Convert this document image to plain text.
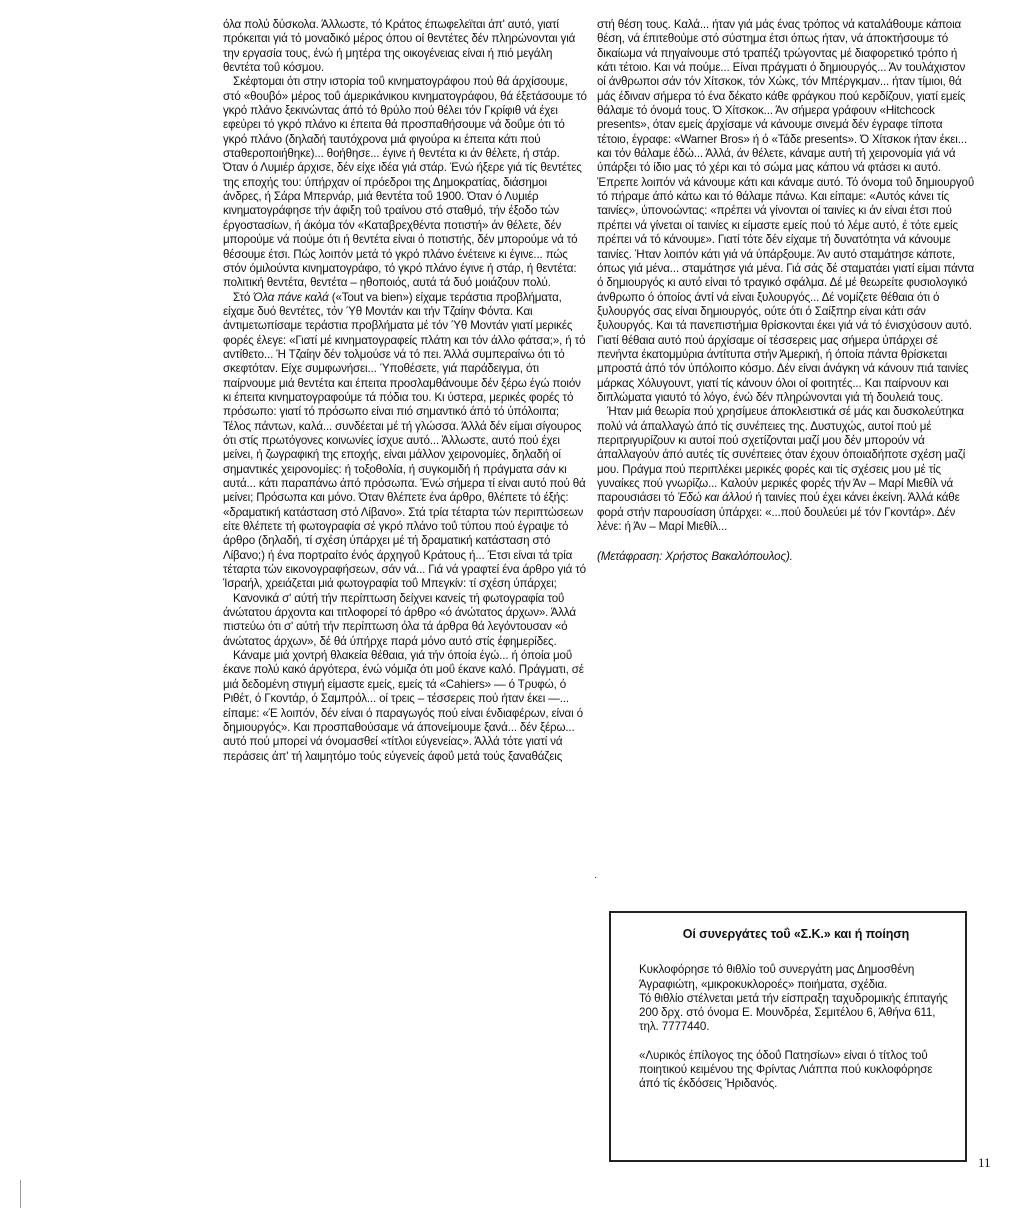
όλα πολύ δύσκολα. Άλλωστε, τό Κράτος έπωφελεϊται άπ' αυτό, γιατί πρόκειται γιά τό μοναδικό μέρος όπου οί θεντέτες δέν πληρώνονται γιά την εργασία τους, ένώ ή μητέρα της οικογένειας είναι ή πιό μεγάλη θεντέτα τοΰ κόσμου.

Σκέφτομαι ότι στην ιστορία τοΰ κινηματογράφου πού θά άρχίσουμε, στό «θουβό» μέρος τοΰ άμερικάνικου κινηματογράφου, θά έξετάσουμε τό γκρό πλάνο ξεκινώντας άπό τό θρύλο πού θέλει τόν Γκρίφιθ νά έχει εφεύρει τό γκρό πλάνο κι έπειτα θά προσπαθήσουμε νά δοΰμε ότι τό γκρό πλάνο (δηλαδή ταυτόχρονα μιά φιγούρα κι έπειτα κάτι πού σταθεροποιήθηκε)... θοήθησε... έγινε ή θεντέτα κι άν θέλετε, ή στάρ. Όταν ό Λυμιέρ άρχισε, δέν είχε ιδέα γιά στάρ. Ένώ ήξερε γιά τίς θεντέτες της εποχής του: ύπήρχαν οί πρόεδροι της Δημοκρατίας, διάσημοι άνδρες, ή Σάρα Μπερνάρ, μιά θεντέτα τοΰ 1900. Όταν ό Λυμιέρ κινηματογράφησε τήν άφιξη τοΰ τραίνου στό σταθμό, τήν έξοδο τών έργοστασίων, ή άκόμα τόν «Καταβρεχθέντα ποτιστή» άν θέλετε, δέν μπορούμε νά πούμε ότι ή θεντέτα είναι ό ποτιστής, δέν μπορούμε νά τό θέσουμε έτσι. Πώς λοιπόν μετά τό γκρό πλάνο ένέτεινε κι έγινε... πώς στόν όμιλούντα κινηματογράφο, τό γκρό πλάνο έγινε ή στάρ, ή θεντέτα: πολιτική θεντέτα, θεντέτα – ηθοποιός, αυτά τά δυό μοιάζουν πολύ.

Στό Όλα πάνε καλά («Tout va bien») είχαμε τεράστια προβλήματα, είχαμε δυό θεντέτες, τόν Ύθ Μοντάν και τήν Τζαίην Φόντα. Και άντιμετωπίσαμε τεράστια προβλήματα μέ τόν Ύθ Μοντάν γιατί μερικές φορές έλεγε: «Γιατί μέ κινηματογραφείς πλάτη και τόν άλλο φάτσα;», ή τό αντίθετο... Ή Τζαίην δέν τολμούσε νά τό πει. Άλλά συμπεραίνω ότι τό σκεφτόταν. Είχε συμφωνήσει... Ύποθέσετε, γιά παράδειγμα, ότι παίρνουμε μιά θεντέτα και έπειτα προσλαμθάνουμε δέν ξέρω έγώ ποιόν κι έπειτα κινηματογραφούμε τά πόδια του. Κι ύστερα, μερικές φορές τό πρόσωπο: γιατί τό πρόσωπο είναι πιό σημαντικό άπό τό ύπόλοιπα; Τέλος πάντων, καλά... συνδέεται μέ τή γλώσσα. Άλλά δέν είμαι σίγουρος ότι στίς πρωτόγονες κοινωνίες ίσχυε αυτό... Άλλωστε, αυτό πού έχει μείνει, ή ζωγραφική της εποχής, είναι μάλλον χειρονομίες, δηλαδή οί σημαντικές χειρονομίες: ή τοξοθολία, ή συγκομιδή ή πράγματα σάν κι αυτά... κάτι παραπάνω άπό πρόσωπα. Ένώ σήμερα τί είναι αυτό πού θά μείνει; Πρόσωπα και μόνο. Όταν θλέπετε ένα άρθρο, θλέπετε τό έξής: «δραματική κατάσταση στό Λίβανο». Στά τρία τέταρτα τών περιπτώσεων είτε θλέπετε τή φωτογραφία σέ γκρό πλάνο τοΰ τύπου πού έγραψε τό άρθρο (δηλαδή, τί σχέση ύπάρχει μέ τή δραματική κατάσταση στό Λίβανο;) ή ένα πορτραίτο ένός άρχηγοΰ Κράτους ή... Έτσι είναι τά τρία τέταρτα τών εικονογραφήσεων, σάν νά... Γιά νά γραφτεί ένα άρθρο γιά τό Ίσραήλ, χρειάζεται μιά φωτογραφία τοΰ Μπεγκίν: τί σχέση ύπάρχει;

Κανονικά σ' αύτή τήν περίπτωση δείχνει κανείς τή φωτογραφία τοΰ άνώτατου άρχοντα και τιτλοφορεί τό άρθρο «ό άνώτατος άρχων». Άλλά πιστεύω ότι σ' αύτή τήν περίπτωση όλα τά άρθρα θά λεγόντουσαν «ό άνώτατος άρχων», δέ θά ύπήρχε παρά μόνο αυτό στίς έφημερίδες.

Κάναμε μιά χοντρή θλακεία θέθαια, γιά τήν όποία έγώ... ή όποία μοΰ έκανε πολύ κακό άργότερα, ένώ νόμιζα ότι μοΰ έκανε καλό. Πράγματι, σέ μιά δεδομένη στιγμή είμαστε εμείς, εμείς τά «Cahiers» — ό Τρυφώ, ό Ριθέτ, ό Γκοντάρ, ό Σαμπρόλ... οί τρεις – τέσσερεις πού ήταν έκει —... είπαμε: «Έ λοιπόν, δέν είναι ό παραγωγός πού είναι ένδιαφέρων, είναι ό δημιουργός». Και προσπαθούσαμε νά άπονείμουμε ξανά... δέν ξέρω... αυτό πού μπορεί νά όνομασθεί «τίτλοι εύγενείας». Άλλά τότε γιατί νά περάσεις άπ' τή λαιμητόμο τούς εύγενείς άφοΰ μετά τούς ξαναθάζεις

·

στή θέση τους. Καλά... ήταν γιά μάς ένας τρόπος νά καταλάθουμε κάποια θέση, νά έπιτεθούμε στό σύστημα έτσι όπως ήταν, νά άποκτήσουμε τό δικαίωμα νά πηγαίνουμε στό τραπέζι τρώγοντας μέ διαφορετικό τρόπο ή κάτι τέτοιο. Και νά πούμε... Είναι πράγματι ό δημιουργός... Άν τουλάχιστον οί άνθρωποι σάν τόν Χίτσκοκ, τόν Χώκς, τόν Μπέργκμαν... ήταν τίμιοι, θά μάς έδιναν σήμερα τό ένα δέκατο κάθε φράγκου πού κερδίζουν, γιατί εμείς θάλαμε τό όνομά τους. Ό Χίτσκοκ... Άν σήμερα γράφουν «Hitchcock presents», όταν εμείς άρχίσαμε νά κάνουμε σινεμά δέν έγραφε τίποτα τέτοιο, έγραφε: «Warner Bros» ή ό «Τάδε presents». Ό Χίτσκοκ ήταν έκει... και τόν θάλαμε έδώ... Άλλά, άν θέλετε, κάναμε αυτή τή χειρονομία γιά νά ύπάρξει τό ίδιο μας τό χέρι και τό σώμα μας κάπου νά φτάσει κι αυτό. Έπρεπε λοιπόν νά κάνουμε κάτι και κάναμε αυτό. Τό όνομα τοΰ δημιουργοΰ τό πήραμε άπό κάτω και τό θάλαμε πάνω. Και είπαμε: «Αυτός κάνει τίς ταινίες», ύπονοώντας: «πρέπει νά γίνονται οί ταινίες κι άν είναι έτσι πού πρέπει νά γίνεται οί ταινίες κι είμαστε εμείς πού τό λέμε αυτό, έ τότε εμείς πρέπει νά τό κάνουμε». Γιατί τότε δέν είχαμε τή δυνατότητα νά κάνουμε ταινίες. Ήταν λοιπόν κάτι γιά νά ύπάρξουμε. Άν αυτό σταμάτησε κάποτε, όπως γιά μένα... σταμάτησε γιά μένα. Γιά σάς δέ σταματάει γιατί είμαι πάντα ό δημιουργός κι αυτό είναι τό τραγικό σφάλμα. Δέ μέ θεωρείτε φυσιολογικό άνθρωπο ό όποίος άντί νά είναι ξυλουργός... Δέ νομίζετε θέθαια ότι ό ξυλουργός σας είναι δημιουργός, ούτε ότι ό Σαίξπηρ είναι κάτι σάν ξυλουργός. Και τά πανεπιστήμια θρίσκονται έκει γιά νά τό ένισχύσουν αυτό. Γιατί θέθαια αυτό πού άρχίσαμε οί τέσσερεις μας σήμερα ύπάρχει σέ πενήντα έκατομμύρια άντίτυπα στήν Άμερική, ή όποία πάντα θρίσκεται μπροστά άπό τόν ύπόλοιπο κόσμο. Δέν είναι άνάγκη νά κάνουν πιά ταινίες μάρκας Χόλυγουντ, γιατί τίς κάνουν όλοι οί φοιτητές... Και παίρνουν και διπλώματα γιαυτό τό λόγο, ένώ δέν πληρώνονται γιά τή δουλειά τους.

Ήταν μιά θεωρία πού χρησίμευε άποκλειστικά σέ μάς και δυσκολεύτηκα πολύ νά άπαλλαγώ άπό τίς συνέπειες της. Δυστυχώς, αυτοί πού μέ περιτριγυρίζουν κι αυτοί πού σχετίζονται μαζί μου δέν μπορούν νά άπαλλαγούν άπό αυτές τίς συνέπειες όταν έχουν όποιαδήποτε σχέση μαζί μου. Πράγμα πού περιπλέκει μερικές φορές και τίς σχέσεις μου μέ τίς γυναίκες πού γνωρίζω... Καλούν μερικές φορές τήν Άν – Μαρί Μιεθίλ νά παρουσιάσει τό Έδώ και άλλού ή ταινίες πού έχει κάνει έκείνη. Άλλά κάθε φορά στήν παρουσίαση ύπάρχει: «...πού δουλεύει μέ τόν Γκοντάρ». Δέν λένε: ή Άν – Μαρί Μιεθίλ...

(Μετάφραση: Χρήστος Βακαλόπουλος).

Οί συνεργάτες τοΰ «Σ.Κ.» και ή ποίηση

Κυκλοφόρησε τό θιθλίο τοΰ συνεργάτη μας Δημοσθένη Άγραφιώτη, «μικροκυκλοροές» ποιήματα, σχέδια.

Τό θιθλίο στέλνεται μετά τήν είσπραξη ταχυδρομικής έπιταγής 200 δρχ. στό όνομα Ε. Μουνδρέα, Σεμιτέλου 6, Άθήνα 611, τηλ. 7777440.

«Λυρικός έπίλογος της όδοΰ Πατησίων» είναι ό τίτλος τοΰ ποιητικού κειμένου της Φρίντας Λιάππα πού κυκλοφόρησε άπό τίς έκδόσεις Ήριδανός.

11
